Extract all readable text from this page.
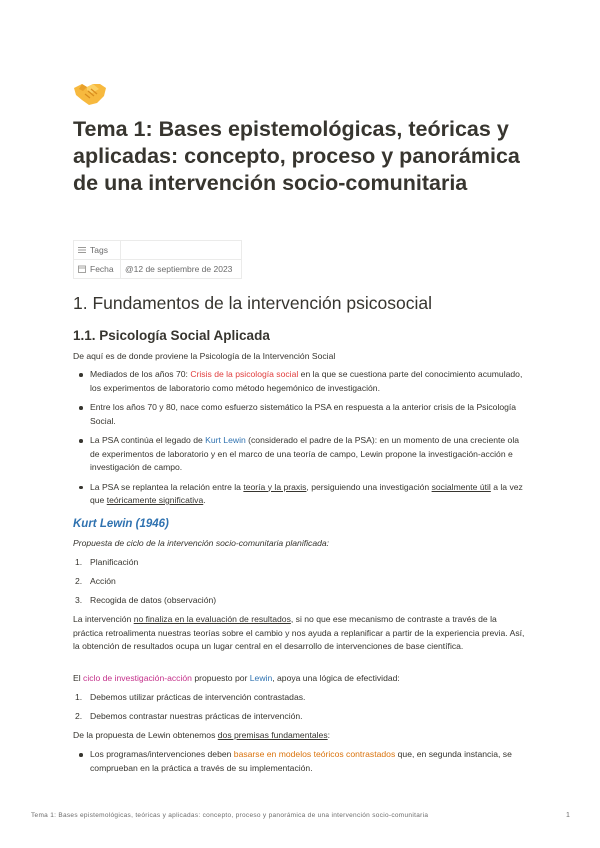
Tema 1: Bases epistemológicas, teóricas y aplicadas: concepto, proceso y panorámica de una intervención socio-comunitaria
Tags	
Fecha	@12 de septiembre de 2023
1. Fundamentos de la intervención psicosocial
1.1. Psicología Social Aplicada
De aquí es de donde proviene la Psicología de la Intervención Social
Mediados de los años 70: Crisis de la psicología social en la que se cuestiona parte del conocimiento acumulado, los experimentos de laboratorio como método hegemónico de investigación.
Entre los años 70 y 80, nace como esfuerzo sistemático la PSA en respuesta a la anterior crisis de la Psicología Social.
La PSA continúa el legado de Kurt Lewin (considerado el padre de la PSA): en un momento de una creciente ola de experimentos de laboratorio y en el marco de una teoría de campo, Lewin propone la investigación-acción e investigación de campo.
La PSA se replantea la relación entre la teoría y la praxis, persiguiendo una investigación socialmente útil a la vez que teóricamente significativa.
Kurt Lewin (1946)
Propuesta de ciclo de la intervención socio-comunitaria planificada:
1. Planificación
2. Acción
3. Recogida de datos (observación)
La intervención no finaliza en la evaluación de resultados, si no que ese mecanismo de contraste a través de la práctica retroalimenta nuestras teorías sobre el cambio y nos ayuda a replanificar a partir de la experiencia previa. Así, la obtención de resultados ocupa un lugar central en el desarrollo de intervenciones de base científica.
El ciclo de investigación-acción propuesto por Lewin, apoya una lógica de efectividad:
1. Debemos utilizar prácticas de intervención contrastadas.
2. Debemos contrastar nuestras prácticas de intervención.
De la propuesta de Lewin obtenemos dos premisas fundamentales:
Los programas/intervenciones deben basarse en modelos teóricos contrastados que, en segunda instancia, se comprueban en la práctica a través de su implementación.
Tema 1: Bases epistemológicas, teóricas y aplicadas: concepto, proceso y panorámica de una intervención socio-comunitaria	1
